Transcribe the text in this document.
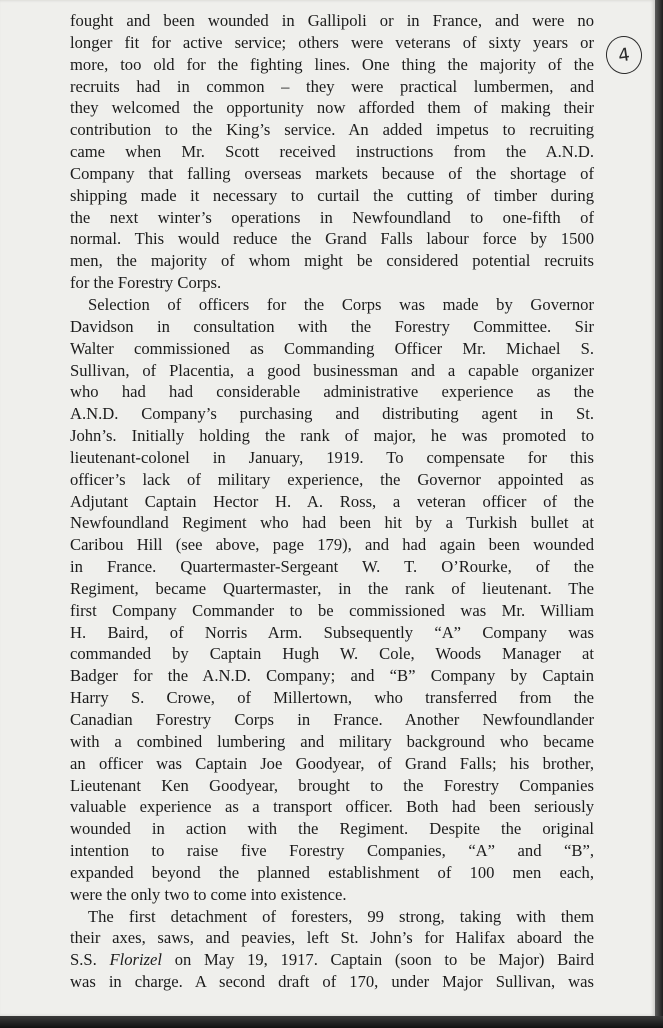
4
fought and been wounded in Gallipoli or in France, and were no
longer fit for active service; others were veterans of sixty years or
more, too old for the fighting lines. One thing the majority of the
recruits had in common – they were practical lumbermen, and
they welcomed the opportunity now afforded them of making their
contribution to the King’s service. An added impetus to recruiting
came when Mr. Scott received instructions from the A.N.D.
Company that falling overseas markets because of the shortage of
shipping made it necessary to curtail the cutting of timber during
the next winter’s operations in Newfoundland to one-fifth of
normal. This would reduce the Grand Falls labour force by 1500
men, the majority of whom might be considered potential recruits
for the Forestry Corps.
Selection of officers for the Corps was made by Governor
Davidson in consultation with the Forestry Committee. Sir
Walter commissioned as Commanding Officer Mr. Michael S.
Sullivan, of Placentia, a good businessman and a capable organizer
who had had considerable administrative experience as the
A.N.D. Company’s purchasing and distributing agent in St.
John’s. Initially holding the rank of major, he was promoted to
lieutenant-colonel in January, 1919. To compensate for this
officer’s lack of military experience, the Governor appointed as
Adjutant Captain Hector H. A. Ross, a veteran officer of the
Newfoundland Regiment who had been hit by a Turkish bullet at
Caribou Hill (see above, page 179), and had again been wounded
in France. Quartermaster-Sergeant W. T. O’Rourke, of the
Regiment, became Quartermaster, in the rank of lieutenant. The
first Company Commander to be commissioned was Mr. William
H. Baird, of Norris Arm. Subsequently “A” Company was
commanded by Captain Hugh W. Cole, Woods Manager at
Badger for the A.N.D. Company; and “B” Company by Captain
Harry S. Crowe, of Millertown, who transferred from the
Canadian Forestry Corps in France. Another Newfoundlander
with a combined lumbering and military background who became
an officer was Captain Joe Goodyear, of Grand Falls; his brother,
Lieutenant Ken Goodyear, brought to the Forestry Companies
valuable experience as a transport officer. Both had been seriously
wounded in action with the Regiment. Despite the original
intention to raise five Forestry Companies, “A” and “B”,
expanded beyond the planned establishment of 100 men each,
were the only two to come into existence.
The first detachment of foresters, 99 strong, taking with them
their axes, saws, and peavies, left St. John’s for Halifax aboard the
S.S. Florizel on May 19, 1917. Captain (soon to be Major) Baird
was in charge. A second draft of 170, under Major Sullivan, was
